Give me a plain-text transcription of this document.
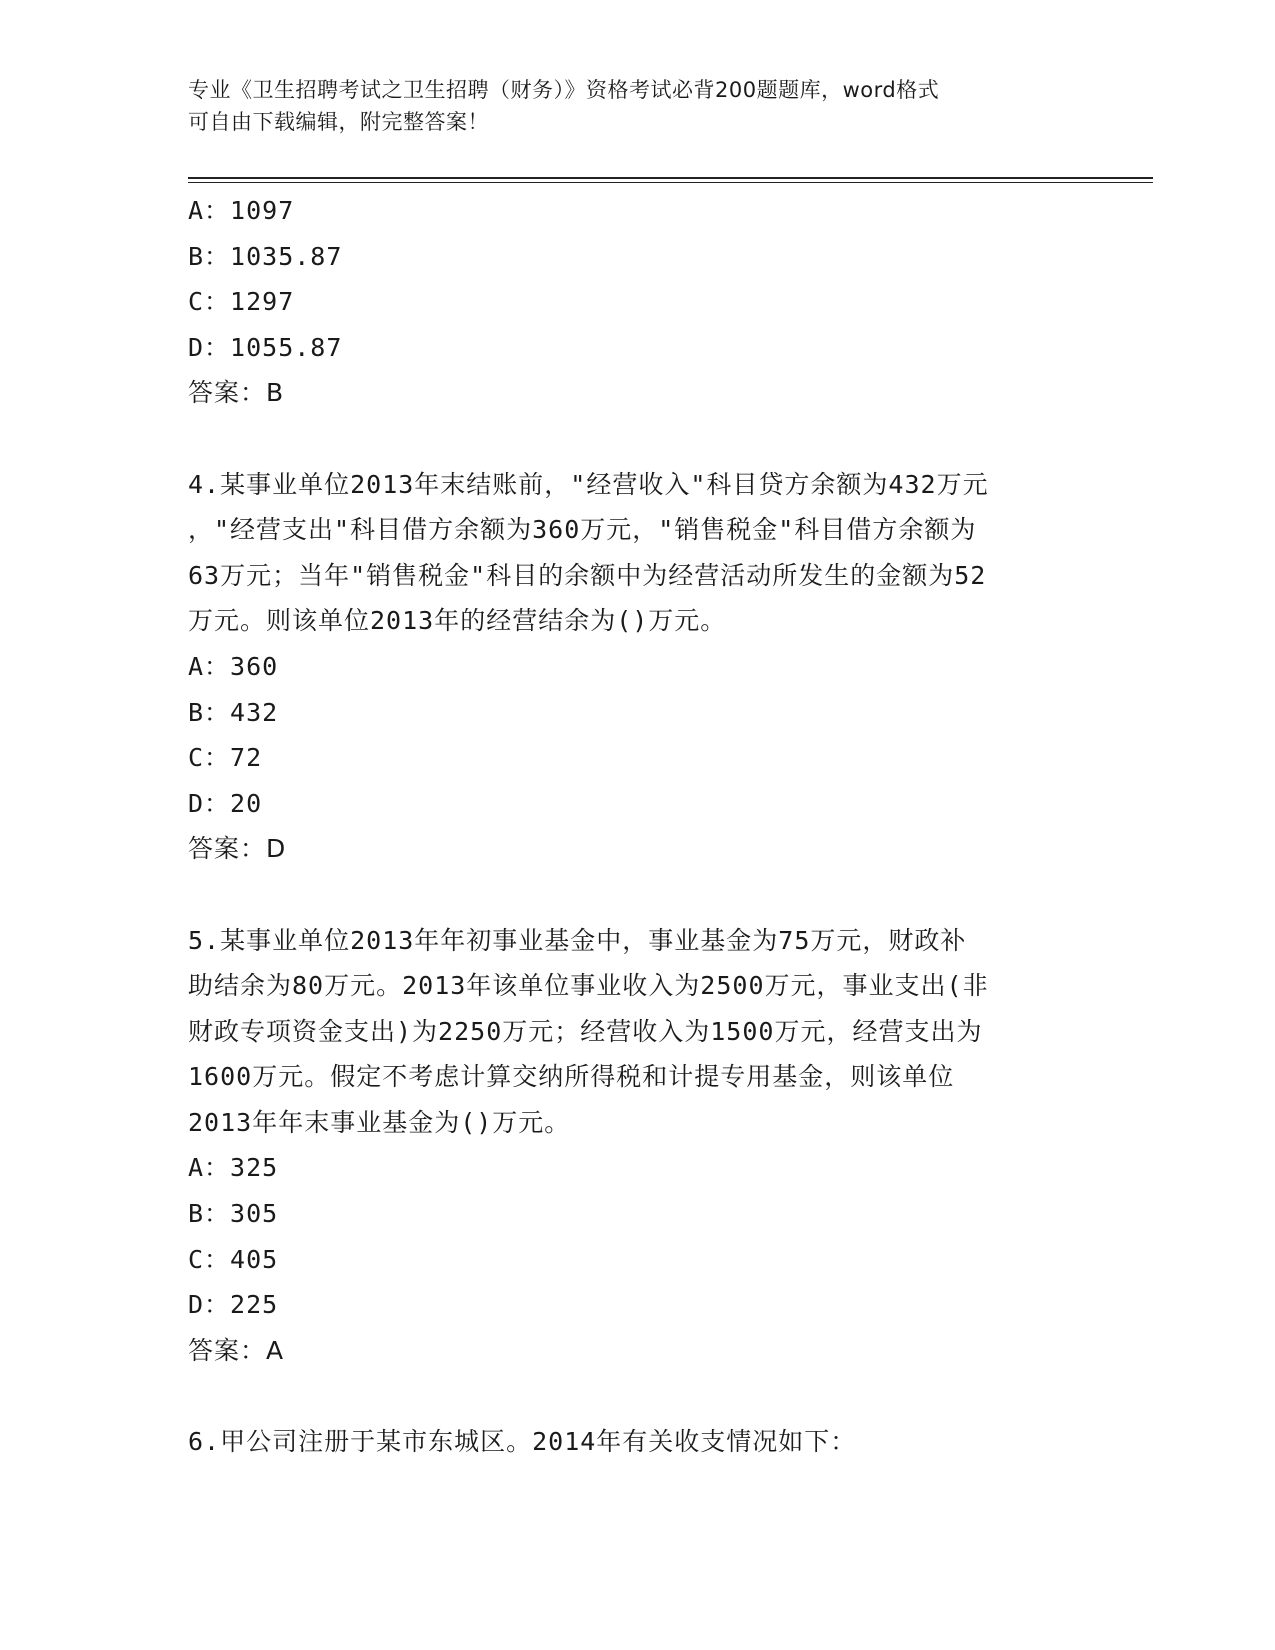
专业《卫生招聘考试之卫生招聘（财务）》资格考试必背200题题库，word格式
可自由下载编辑，附完整答案！
A：1097
B：1035.87
C：1297
D：1055.87
答案：B
4.某事业单位2013年末结账前，"经营收入"科目贷方余额为432万元
，"经营支出"科目借方余额为360万元，"销售税金"科目借方余额为
63万元；当年"销售税金"科目的余额中为经营活动所发生的金额为52
万元。则该单位2013年的经营结余为()万元。
A：360
B：432
C：72
D：20
答案：D
5.某事业单位2013年年初事业基金中，事业基金为75万元，财政补
助结余为80万元。2013年该单位事业收入为2500万元，事业支出(非
财政专项资金支出)为2250万元；经营收入为1500万元，经营支出为
1600万元。假定不考虑计算交纳所得税和计提专用基金，则该单位
2013年年末事业基金为()万元。
A：325
B：305
C：405
D：225
答案：A
6.甲公司注册于某市东城区。2014年有关收支情况如下：
